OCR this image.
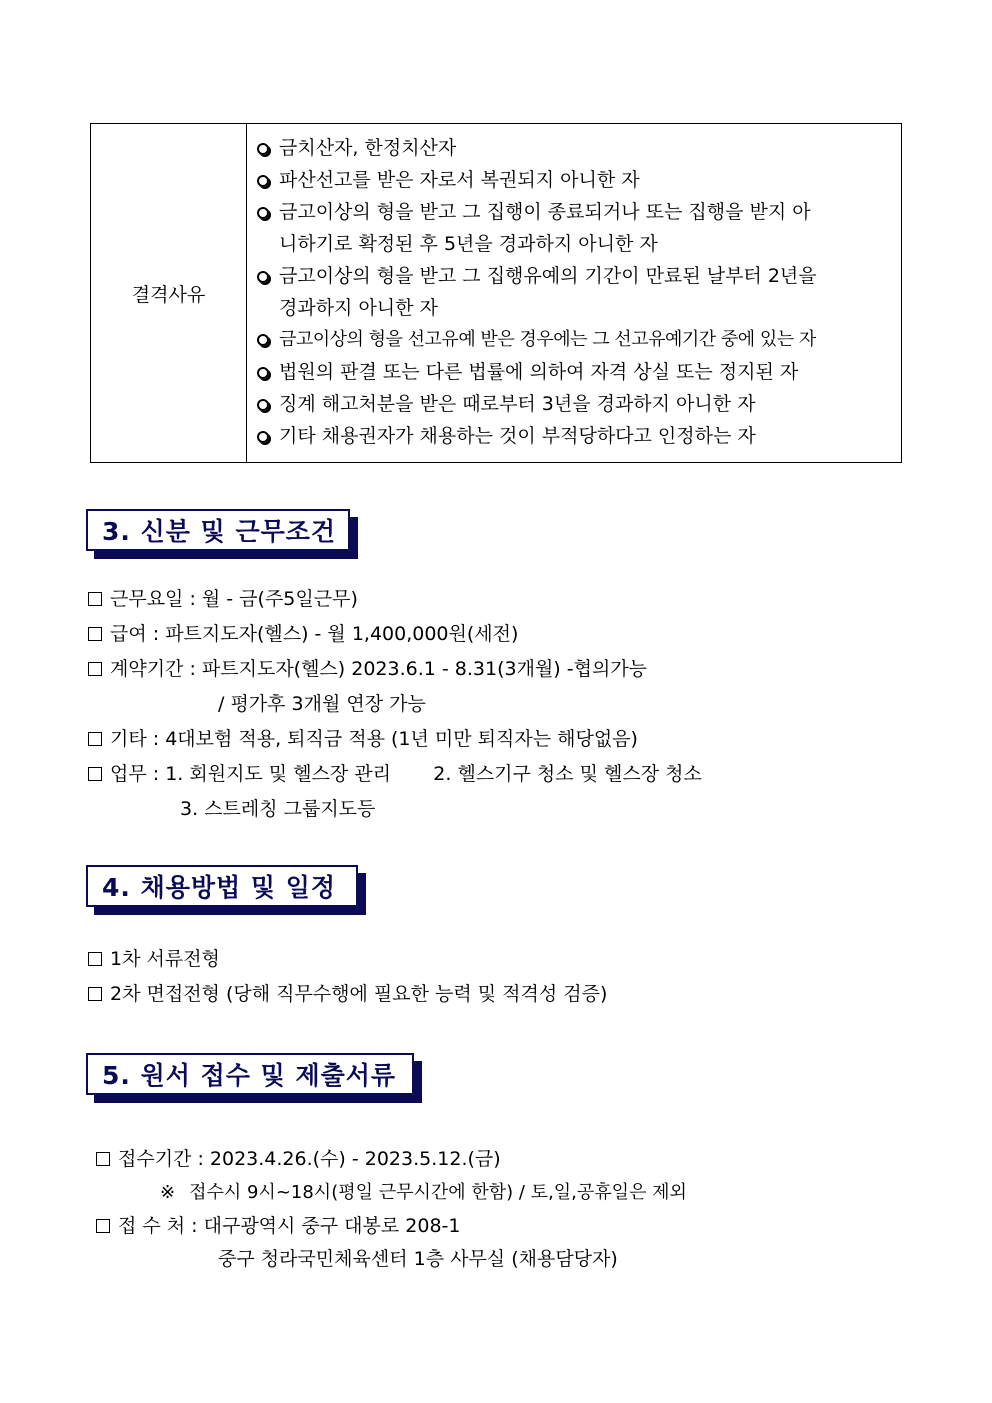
결격사유
금치산자, 한정치산자
파산선고를 받은 자로서 복권되지 아니한 자
금고이상의 형을 받고 그 집행이 종료되거나 또는 집행을 받지 아
니하기로 확정된 후 5년을 경과하지 아니한 자
금고이상의 형을 받고 그 집행유예의 기간이 만료된 날부터 2년을
경과하지 아니한 자
금고이상의 형을 선고유예 받은 경우에는 그 선고유예기간 중에 있는 자
법원의 판결 또는 다른 법률에 의하여 자격 상실 또는 정지된 자
징계 해고처분을 받은 때로부터 3년을 경과하지 아니한 자
기타 채용권자가 채용하는 것이 부적당하다고 인정하는 자
3. 신분 및 근무조건
근무요일 : 월 - 금(주5일근무)
급여 : 파트지도자(헬스) - 월 1,400,000원(세전)
계약기간 : 파트지도자(헬스) 2023.6.1 - 8.31(3개월) -협의가능
/ 평가후 3개월 연장 가능
기타 : 4대보험 적용, 퇴직금 적용 (1년 미만 퇴직자는 해당없음)
업무 : 1. 회원지도 및 헬스장 관리       2. 헬스기구 청소 및 헬스장 청소
3. 스트레칭 그룹지도등
4. 채용방법 및 일정
1차 서류전형
2차 면접전형 (당해 직무수행에 필요한 능력 및 적격성 검증)
5. 원서 접수 및 제출서류
접수기간 : 2023.4.26.(수) - 2023.5.12.(금)
※ 접수시 9시~18시(평일 근무시간에 한함) / 토,일,공휴일은 제외
접 수 처 : 대구광역시 중구 대봉로 208-1
중구 청라국민체육센터 1층 사무실 (채용담당자)
